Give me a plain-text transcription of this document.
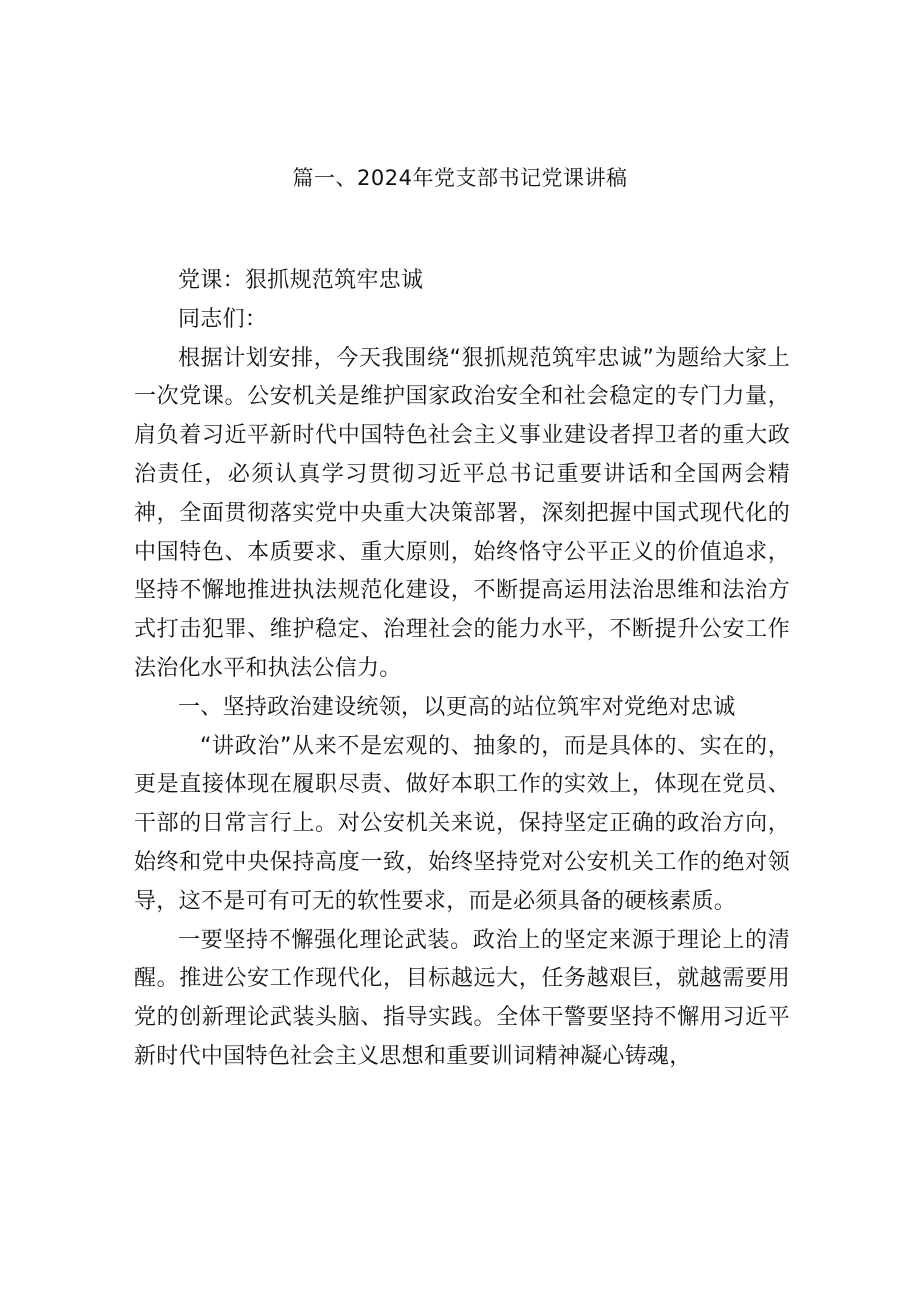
篇一、2024年党支部书记党课讲稿

党课：狠抓规范筑牢忠诚

同志们：

根据计划安排，今天我围绕“狠抓规范筑牢忠诚”为题给大家上一次党课。公安机关是维护国家政治安全和社会稳定的专门力量，肩负着习近平新时代中国特色社会主义事业建设者捍卫者的重大政治责任，必须认真学习贯彻习近平总书记重要讲话和全国两会精神，全面贯彻落实党中央重大决策部署，深刻把握中国式现代化的中国特色、本质要求、重大原则，始终恪守公平正义的价值追求，坚持不懈地推进执法规范化建设，不断提高运用法治思维和法治方式打击犯罪、维护稳定、治理社会的能力水平，不断提升公安工作法治化水平和执法公信力。

一、坚持政治建设统领，以更高的站位筑牢对党绝对忠诚

“讲政治”从来不是宏观的、抽象的，而是具体的、实在的，更是直接体现在履职尽责、做好本职工作的实效上，体现在党员、干部的日常言行上。对公安机关来说，保持坚定正确的政治方向，始终和党中央保持高度一致，始终坚持党对公安机关工作的绝对领导，这不是可有可无的软性要求，而是必须具备的硬核素质。

一要坚持不懈强化理论武装。政治上的坚定来源于理论上的清醒。推进公安工作现代化，目标越远大，任务越艰巨，就越需要用党的创新理论武装头脑、指导实践。全体干警要坚持不懈用习近平新时代中国特色社会主义思想和重要训词精神凝心铸魂，
